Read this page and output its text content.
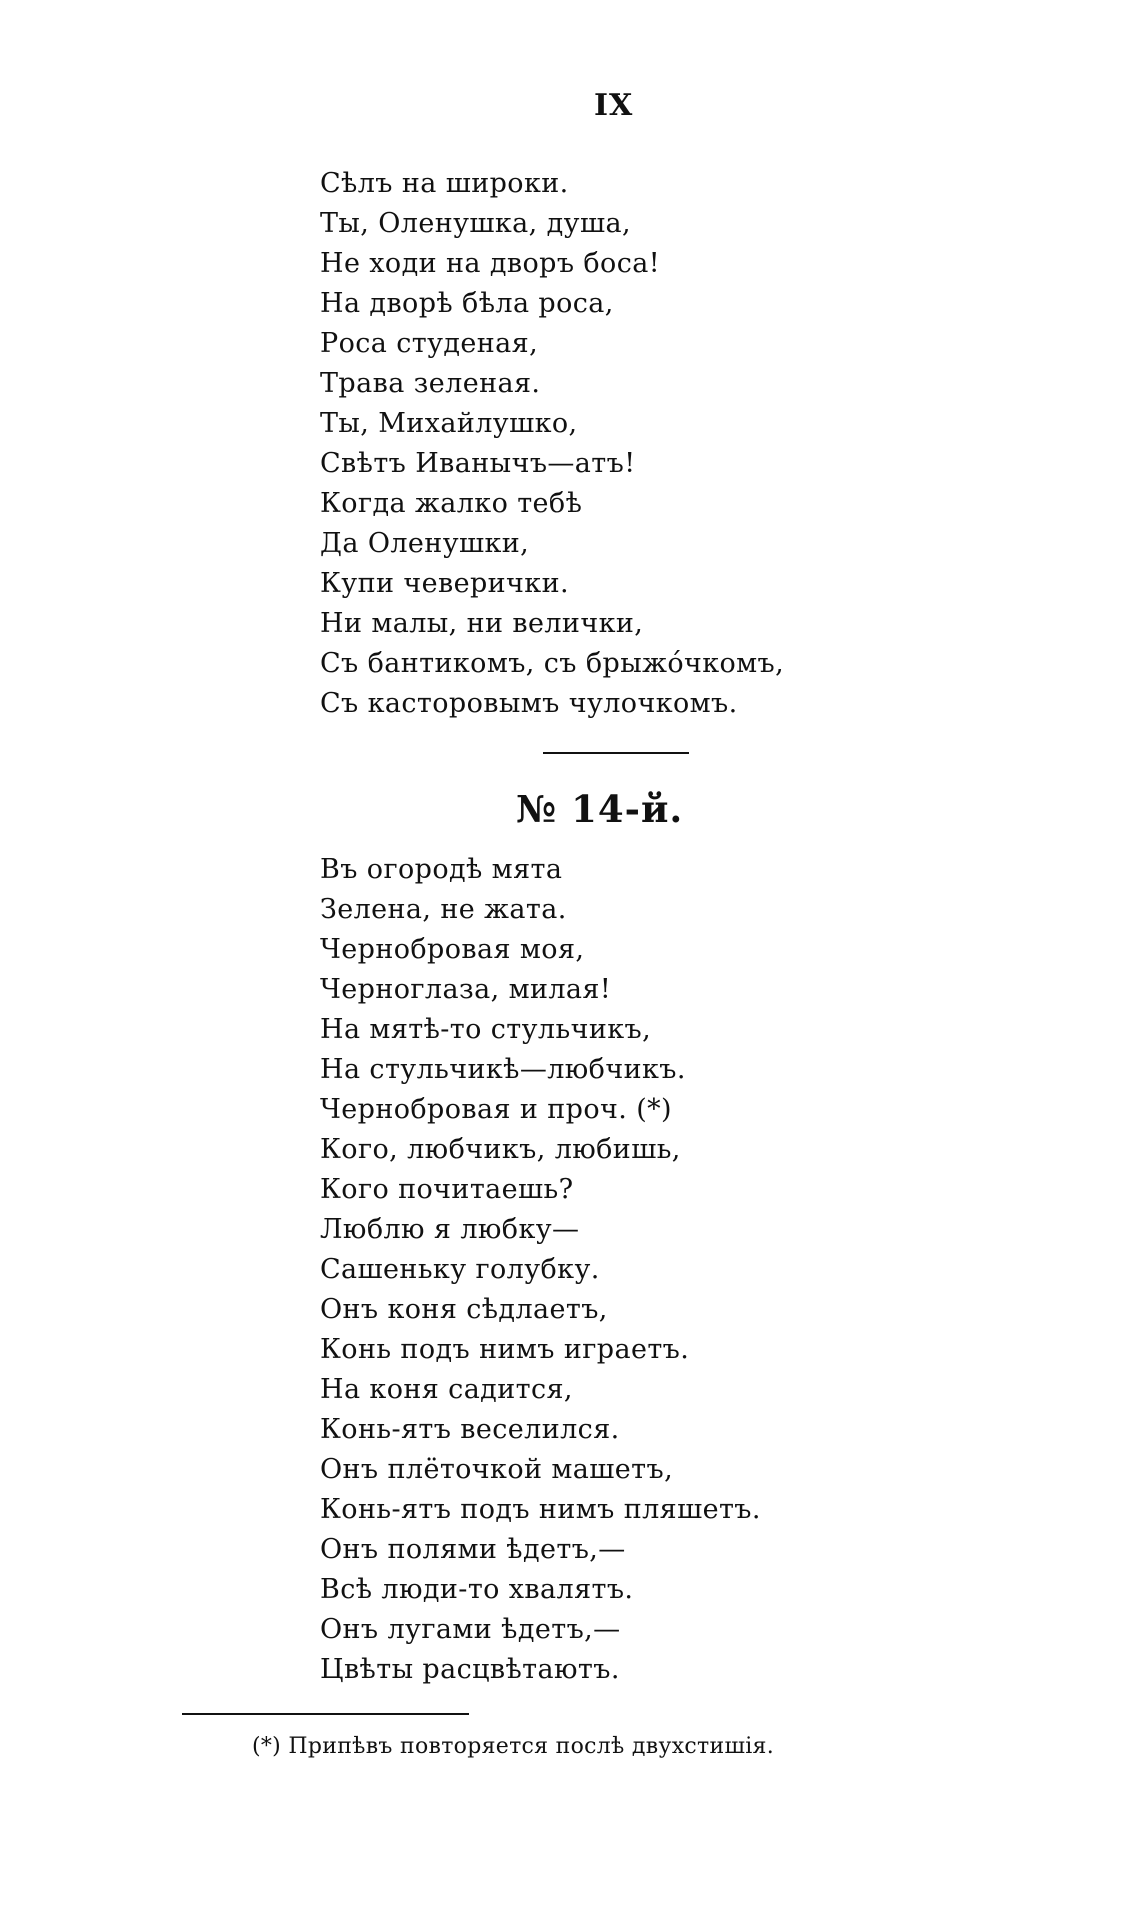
IX
Сѣлъ на широки.
Ты, Оленушка, душа,
Не ходи на дворъ боса!
На дворѣ бѣла роса,
Роса студеная,
Трава зеленая.
Ты, Михайлушко,
Свѣтъ Иванычъ—атъ!
Когда жалко тебѣ
Да Оленушки,
Купи чеверички.
Ни малы, ни велички,
Съ бантикомъ, съ брыжо́чкомъ,
Съ касторовымъ чулочкомъ.
№ 14-й.
Въ огородѣ мята
Зелена, не жата.
Чернобровая моя,
Черноглаза, милая!
На мятѣ-то стульчикъ,
На стульчикѣ—любчикъ.
Чернобровая и проч. (*)
Кого, любчикъ, любишь,
Кого почитаешь?
Люблю я любку—
Сашеньку голубку.
Онъ коня сѣдлаетъ,
Конь подъ нимъ играетъ.
На коня садится,
Конь-ятъ веселился.
Онъ плёточкой машетъ,
Конь-ятъ подъ нимъ пляшетъ.
Онъ полями ѣдетъ,—
Всѣ люди-то хвалятъ.
Онъ лугами ѣдетъ,—
Цвѣты расцвѣтаютъ.
(*) Припѣвъ повторяется послѣ двухстишія.
